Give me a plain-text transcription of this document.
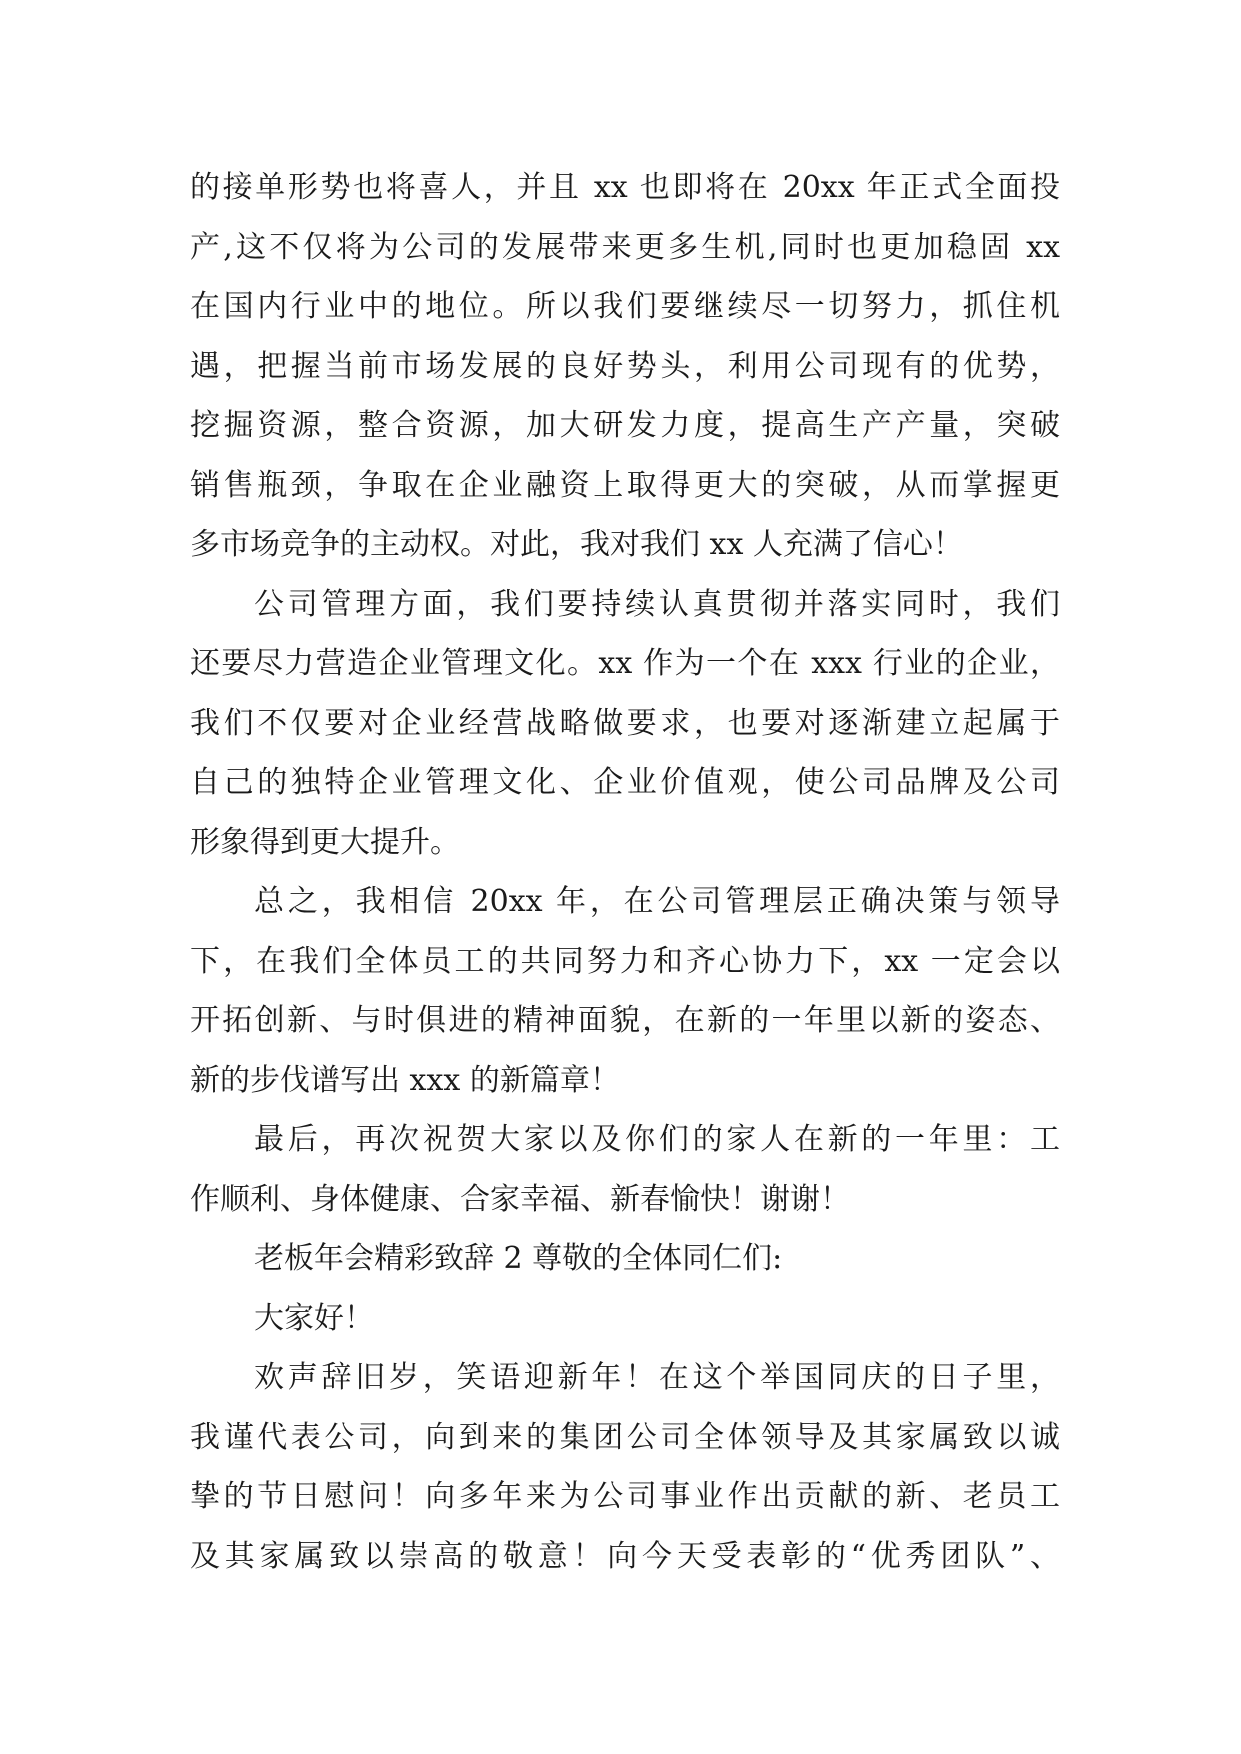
的接单形势也将喜人，并且 xx 也即将在 20xx 年正式全面投
产,这不仅将为公司的发展带来更多生机,同时也更加稳固 xx
在国内行业中的地位。所以我们要继续尽一切努力，抓住机
遇，把握当前市场发展的良好势头，利用公司现有的优势，
挖掘资源，整合资源，加大研发力度，提高生产产量，突破
销售瓶颈，争取在企业融资上取得更大的突破，从而掌握更
多市场竞争的主动权。对此，我对我们 xx 人充满了信心！
公司管理方面，我们要持续认真贯彻并落实同时，我们
还要尽力营造企业管理文化。xx 作为一个在 xxx 行业的企业，
我们不仅要对企业经营战略做要求，也要对逐渐建立起属于
自己的独特企业管理文化、企业价值观，使公司品牌及公司
形象得到更大提升。
总之，我相信 20xx 年，在公司管理层正确决策与领导
下，在我们全体员工的共同努力和齐心协力下，xx 一定会以
开拓创新、与时俱进的精神面貌，在新的一年里以新的姿态、
新的步伐谱写出 xxx 的新篇章！
最后，再次祝贺大家以及你们的家人在新的一年里：工
作顺利、身体健康、合家幸福、新春愉快！谢谢！
老板年会精彩致辞 2 尊敬的全体同仁们:
大家好！
欢声辞旧岁，笑语迎新年！在这个举国同庆的日子里，
我谨代表公司，向到来的集团公司全体领导及其家属致以诚
挚的节日慰问！向多年来为公司事业作出贡献的新、老员工
及其家属致以崇高的敬意！向今天受表彰的“优秀团队”、
